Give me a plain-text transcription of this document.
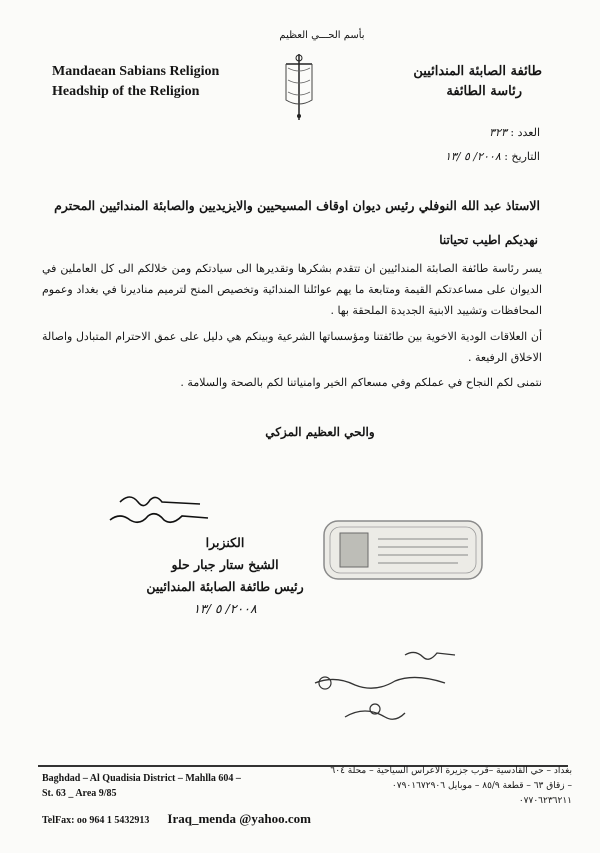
بأسم الحـــي العظيم
Mandaean Sabians Religion
Headship of the Religion
طائفة الصابئة المندائيين
رئاسة الطائفة
العدد : ٣٢٣
التاريخ : ٢٠٠٨/ ٥ /١٣
الاستاذ عبد الله النوفلي رئيس ديوان اوقاف المسيحيين والايزيديين والصابئة المندائيين المحترم
نهديكم اطيب تحياتنا
يسر رئاسة طائفة الصابئة المندائيين ان تتقدم بشكرها وتقديرها الى سيادتكم ومن خلالكم الى كل العاملين في الديوان على مساعدتكم القيمة ومتابعة ما يهم عوائلنا المندائية وتخصيص المنح لترميم مناديرنا في بغداد وعموم المحافظات وتشييد الابنية الجديدة الملحقة بها .
أن العلاقات الودية الاخوية بين طائفتنا ومؤسساتها الشرعية وبينكم هي دليل على عمق الاحترام المتبادل واصالة الاخلاق الرفيعة .
نتمنى لكم النجاح في عملكم وفي مسعاكم الخير وامنياتنا لكم بالصحة والسلامة .
والحي العظيم المزكي
الكنزبرا
الشيخ ستار جبار حلو
رئيس طائفة الصابئة المندائيين
٢٠٠٨/ ٥ /١٣
Baghdad – Al Quadisia District – Mahlla 604 –
St. 63 _ Area 9/85
بغداد – حي القادسية –قرب جزيرة الاعراس السياحية – محلة ٦٠٤
– زقاق ٦٣ – قطعة ٨٥/٩ – موبايل ٠٧٩٠١٦٧٢٩٠٦
٠٧٧٠٦٢٣٦٢١١
TelFax: oo 964 1 5432913 Iraq_menda @yahoo.com
